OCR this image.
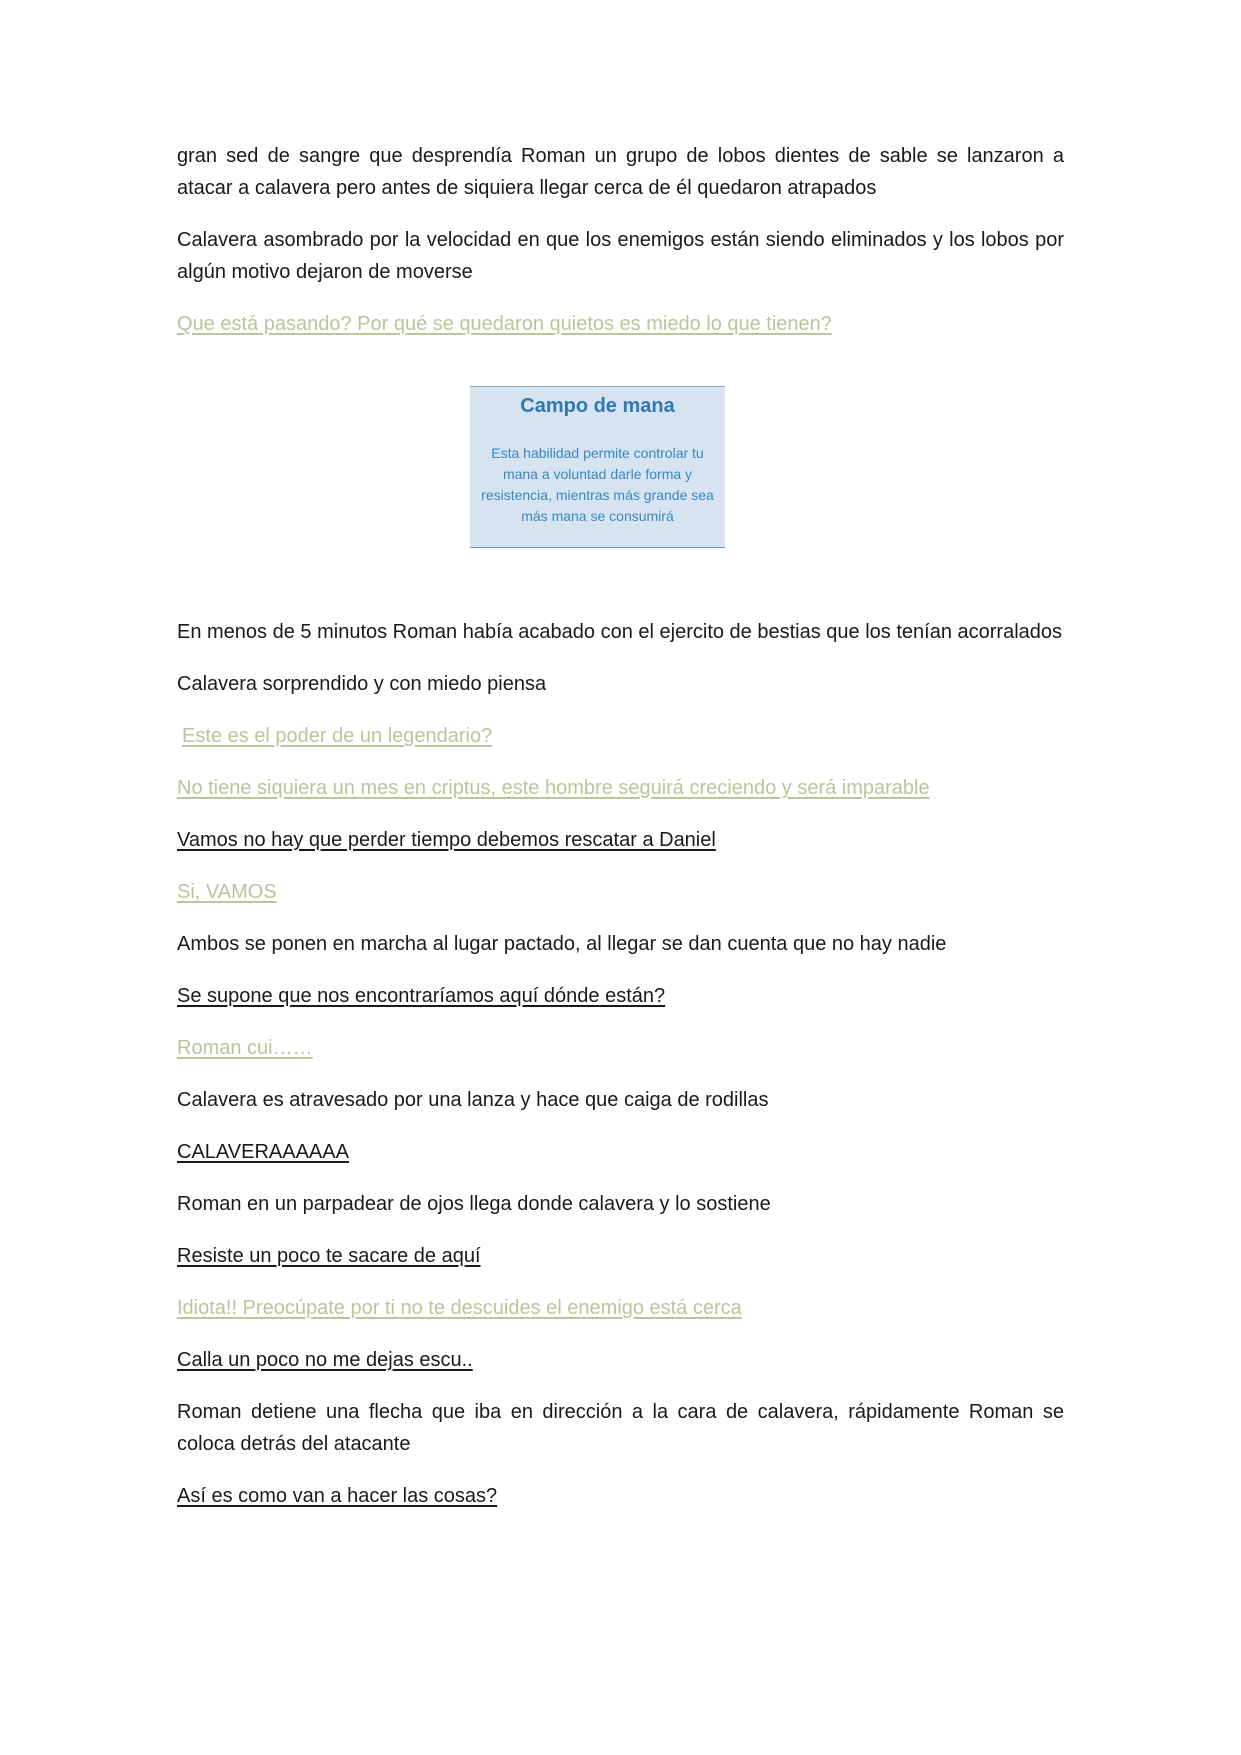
gran sed de sangre que desprendía Roman un grupo de lobos dientes de sable se lanzaron a atacar a calavera pero antes de siquiera llegar cerca de él quedaron atrapados

Calavera asombrado por la velocidad en que los enemigos están siendo eliminados y los lobos por algún motivo dejaron de moverse

Que está pasando? Por qué se quedaron quietos es miedo lo que tienen?

Campo de mana
Esta habilidad permite controlar tu mana a voluntad darle forma y resistencia, mientras más grande sea más mana se consumirá

En menos de 5 minutos Roman había acabado con el ejercito de bestias que los tenían acorralados

Calavera sorprendido y con miedo piensa

Este es el poder de un legendario?

No tiene siquiera un mes en criptus, este hombre seguirá creciendo y será imparable

Vamos no hay que perder tiempo debemos rescatar a Daniel

Si, VAMOS

Ambos se ponen en marcha al lugar pactado, al llegar se dan cuenta que no hay nadie

Se supone que nos encontraríamos aquí dónde están?

Roman cui……

Calavera es atravesado por una lanza y hace que caiga de rodillas

CALAVERAAAAAA

Roman en un parpadear de ojos llega donde calavera y lo sostiene

Resiste un poco te sacare de aquí

Idiota!! Preocúpate por ti no te descuides el enemigo está cerca

Calla un poco no me dejas escu..

Roman detiene una flecha que iba en dirección a la cara de calavera, rápidamente Roman se coloca detrás del atacante

Así es como van a hacer las cosas?
